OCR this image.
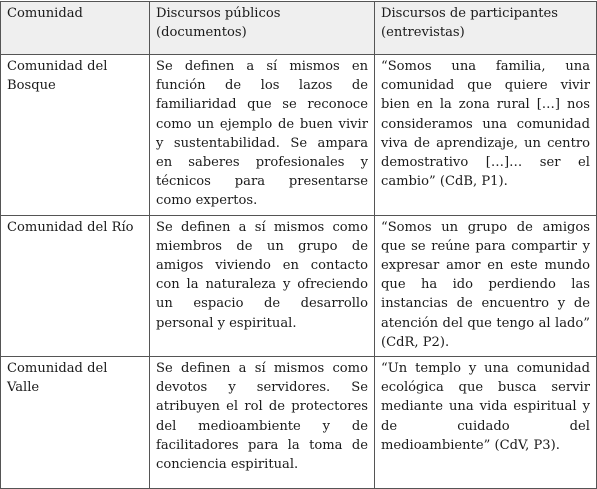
Comunidad	Discursos públicos (documentos)	Discursos de participantes (entrevistas)
Comunidad del Bosque	Se definen a sí mismos en función de los lazos de familiaridad que se reconoce como un ejemplo de buen vivir y sustentabilidad. Se ampara en saberes profesionales y técnicos para presentarse como expertos.	“Somos una familia, una comunidad que quiere vivir bien en la zona rural […] nos consideramos una comunidad viva de aprendizaje, un centro demostrativo […]… ser el cambio” (CdB, P1).
Comunidad del Río	Se definen a sí mismos como miembros de un grupo de amigos viviendo en contacto con la naturaleza y ofreciendo un espacio de desarrollo personal y espiritual.	“Somos un grupo de amigos que se reúne para compartir y expresar amor en este mundo que ha ido perdiendo las instancias de encuentro y de atención del que tengo al lado” (CdR, P2).
Comunidad del Valle	Se definen a sí mismos como devotos y servidores. Se atribuyen el rol de protectores del medioambiente y de facilitadores para la toma de conciencia espiritual.	“Un templo y una comunidad ecológica que busca servir mediante una vida espiritual y de cuidado del medioambiente” (CdV, P3).
